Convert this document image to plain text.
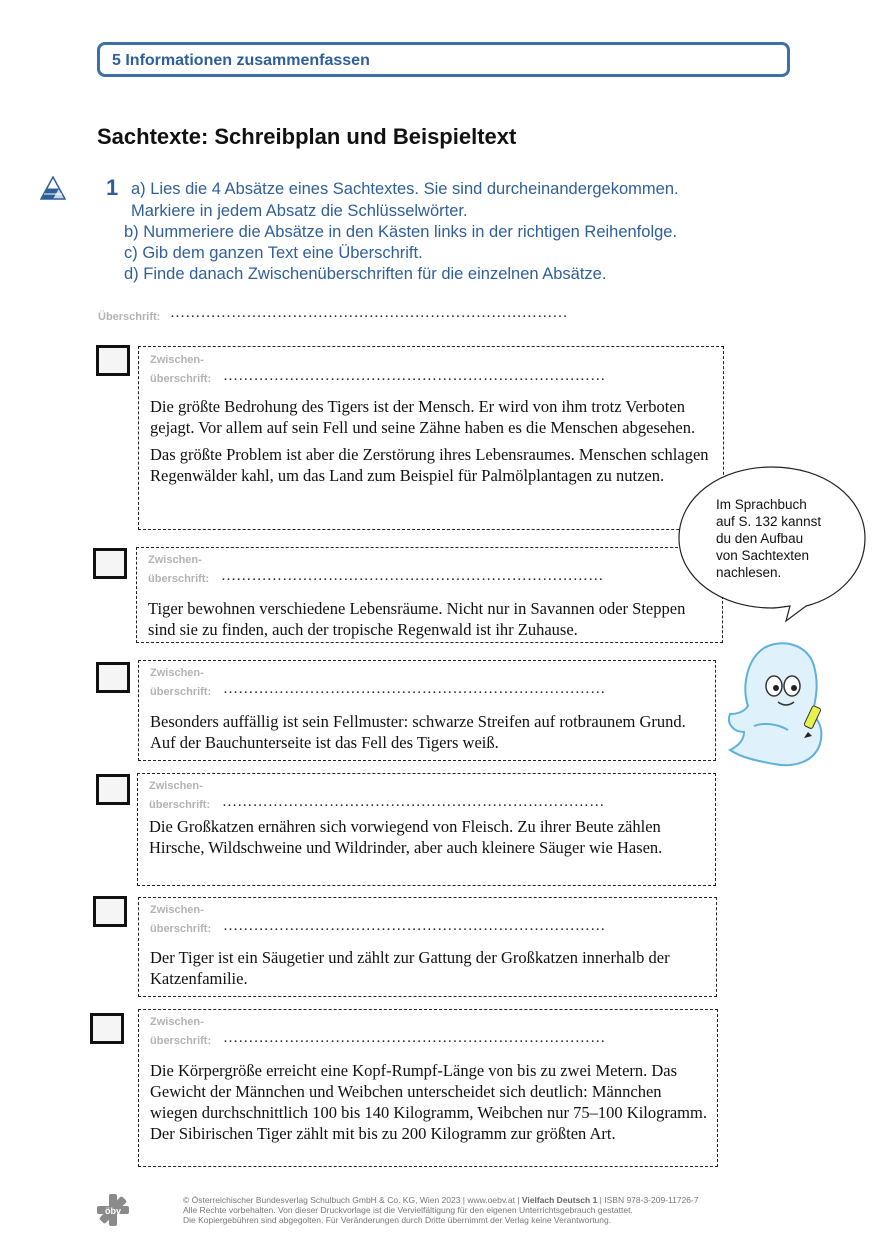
5 Informationen zusammenfassen
Sachtexte: Schreibplan und Beispieltext
1 a) Lies die 4 Absätze eines Sachtextes. Sie sind durcheinandergekommen.
Markiere in jedem Absatz die Schlüsselwörter.
b) Nummeriere die Absätze in den Kästen links in der richtigen Reihenfolge.
c) Gib dem ganzen Text eine Überschrift.
d) Finde danach Zwischenüberschriften für die einzelnen Absätze.
Überschrift: ……………………………………………………………………
Zwischen-
überschrift: …………………………………………………………………

Die größte Bedrohung des Tigers ist der Mensch. Er wird von ihm trotz Verboten gejagt. Vor allem auf sein Fell und seine Zähne haben es die Menschen abgesehen.

Das größte Problem ist aber die Zerstörung ihres Lebensraumes. Menschen schlagen Regenwälder kahl, um das Land zum Beispiel für Palmölplantagen zu nutzen.

Zwischen-
überschrift: …………………………………………………………………

Tiger bewohnen verschiedene Lebensräume. Nicht nur in Savannen oder Steppen sind sie zu finden, auch der tropische Regenwald ist ihr Zuhause.

Zwischen-
überschrift: …………………………………………………………………

Besonders auffällig ist sein Fellmuster: schwarze Streifen auf rotbraunem Grund. Auf der Bauchunterseite ist das Fell des Tigers weiß.

Zwischen-
überschrift: …………………………………………………………………

Die Großkatzen ernähren sich vorwiegend von Fleisch. Zu ihrer Beute zählen Hirsche, Wildschweine und Wildrinder, aber auch kleinere Säuger wie Hasen.

Zwischen-
überschrift: …………………………………………………………………

Der Tiger ist ein Säugetier und zählt zur Gattung der Großkatzen innerhalb der Katzenfamilie.

Zwischen-
überschrift: …………………………………………………………………

Die Körpergröße erreicht eine Kopf-Rumpf-Länge von bis zu zwei Metern. Das Gewicht der Männchen und Weibchen unterscheidet sich deutlich: Männchen wiegen durchschnittlich 100 bis 140 Kilogramm, Weibchen nur 75–100 Kilogramm. Der Sibirischen Tiger zählt mit bis zu 200 Kilogramm zur größten Art.

Im Sprachbuch auf S. 132 kannst du den Aufbau von Sachtexten nachlesen.
öbv
© Österreichischer Bundesverlag Schulbuch GmbH & Co. KG, Wien 2023 | www.oebv.at | Vielfach Deutsch 1 | ISBN 978-3-209-11726-7
Alle Rechte vorbehalten. Von dieser Druckvorlage ist die Vervielfältigung für den eigenen Unterrichtsgebrauch gestattet.
Die Kopiergebühren sind abgegolten. Für Veränderungen durch Dritte übernimmt der Verlag keine Verantwortung.
